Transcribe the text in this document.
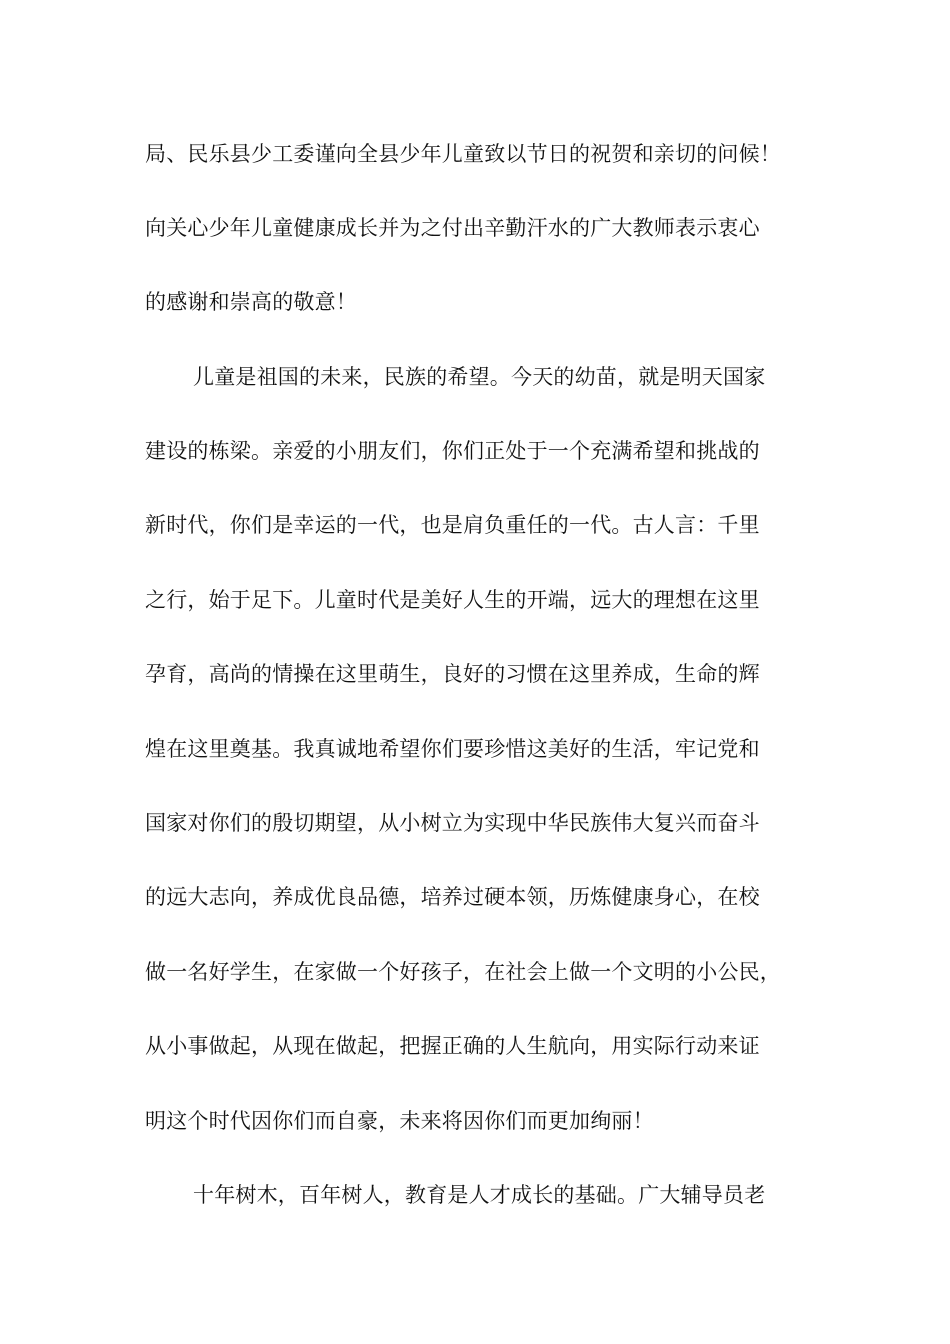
局、民乐县少工委谨向全县少年儿童致以节日的祝贺和亲切的问候！
向关心少年儿童健康成长并为之付出辛勤汗水的广大教师表示衷心
的感谢和崇高的敬意！
儿童是祖国的未来，民族的希望。今天的幼苗，就是明天国家
建设的栋梁。亲爱的小朋友们，你们正处于一个充满希望和挑战的
新时代，你们是幸运的一代，也是肩负重任的一代。古人言：千里
之行，始于足下。儿童时代是美好人生的开端，远大的理想在这里
孕育，高尚的情操在这里萌生，良好的习惯在这里养成，生命的辉
煌在这里奠基。我真诚地希望你们要珍惜这美好的生活，牢记党和
国家对你们的殷切期望，从小树立为实现中华民族伟大复兴而奋斗
的远大志向，养成优良品德，培养过硬本领，历炼健康身心，在校
做一名好学生，在家做一个好孩子，在社会上做一个文明的小公民，
从小事做起，从现在做起，把握正确的人生航向，用实际行动来证
明这个时代因你们而自豪，未来将因你们而更加绚丽！
十年树木，百年树人，教育是人才成长的基础。广大辅导员老
